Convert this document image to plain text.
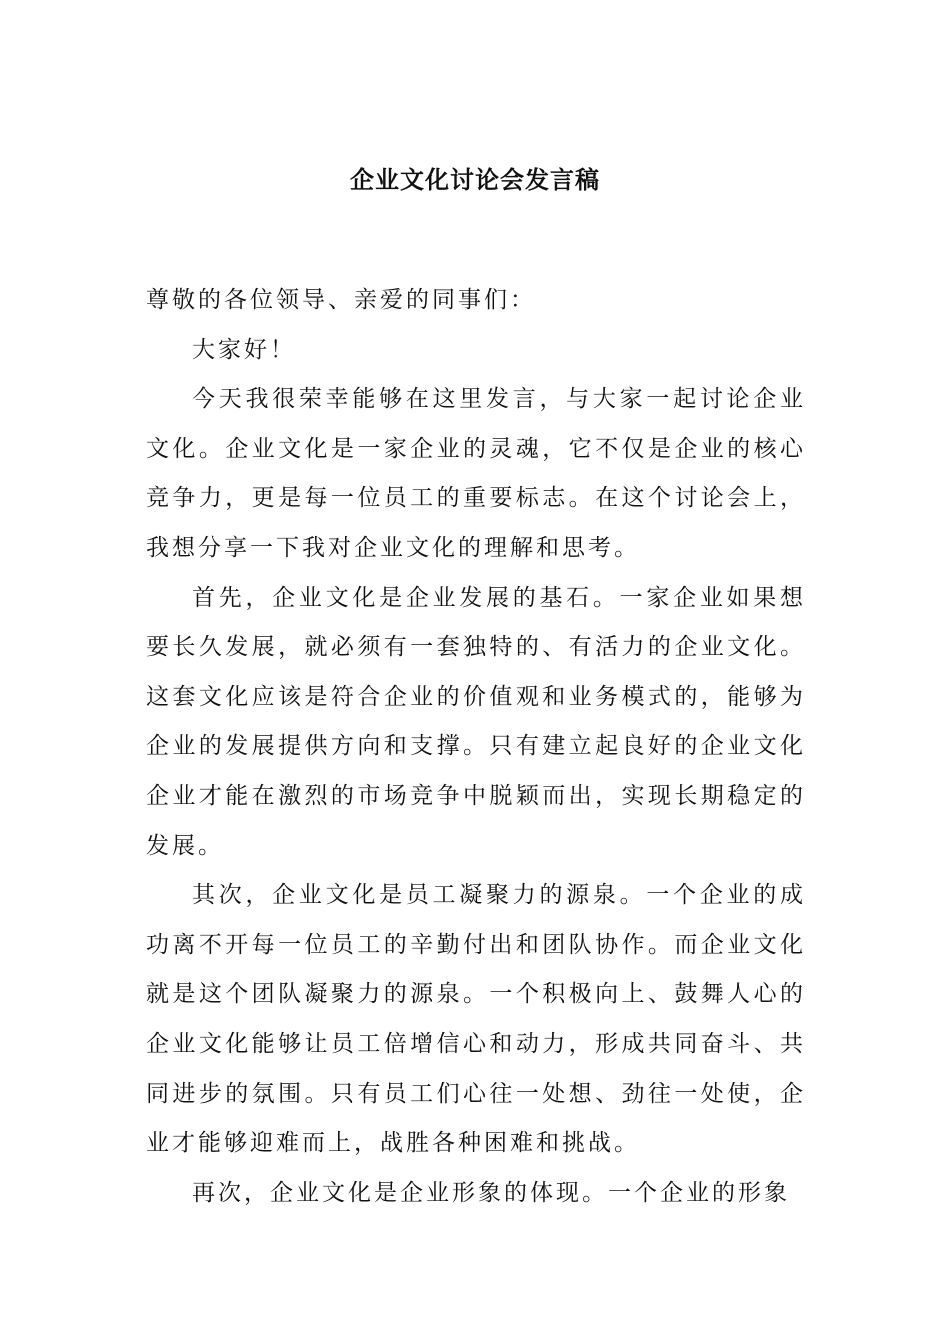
企业文化讨论会发言稿

尊敬的各位领导、亲爱的同事们：

大家好！

今天我很荣幸能够在这里发言，与大家一起讨论企业文化。企业文化是一家企业的灵魂，它不仅是企业的核心竞争力，更是每一位员工的重要标志。在这个讨论会上，我想分享一下我对企业文化的理解和思考。

首先，企业文化是企业发展的基石。一家企业如果想要长久发展，就必须有一套独特的、有活力的企业文化。这套文化应该是符合企业的价值观和业务模式的，能够为企业的发展提供方向和支撑。只有建立起良好的企业文化企业才能在激烈的市场竞争中脱颖而出，实现长期稳定的发展。

其次，企业文化是员工凝聚力的源泉。一个企业的成功离不开每一位员工的辛勤付出和团队协作。而企业文化就是这个团队凝聚力的源泉。一个积极向上、鼓舞人心的企业文化能够让员工倍增信心和动力，形成共同奋斗、共同进步的氛围。只有员工们心往一处想、劲往一处使，企业才能够迎难而上，战胜各种困难和挑战。

再次，企业文化是企业形象的体现。一个企业的形象
